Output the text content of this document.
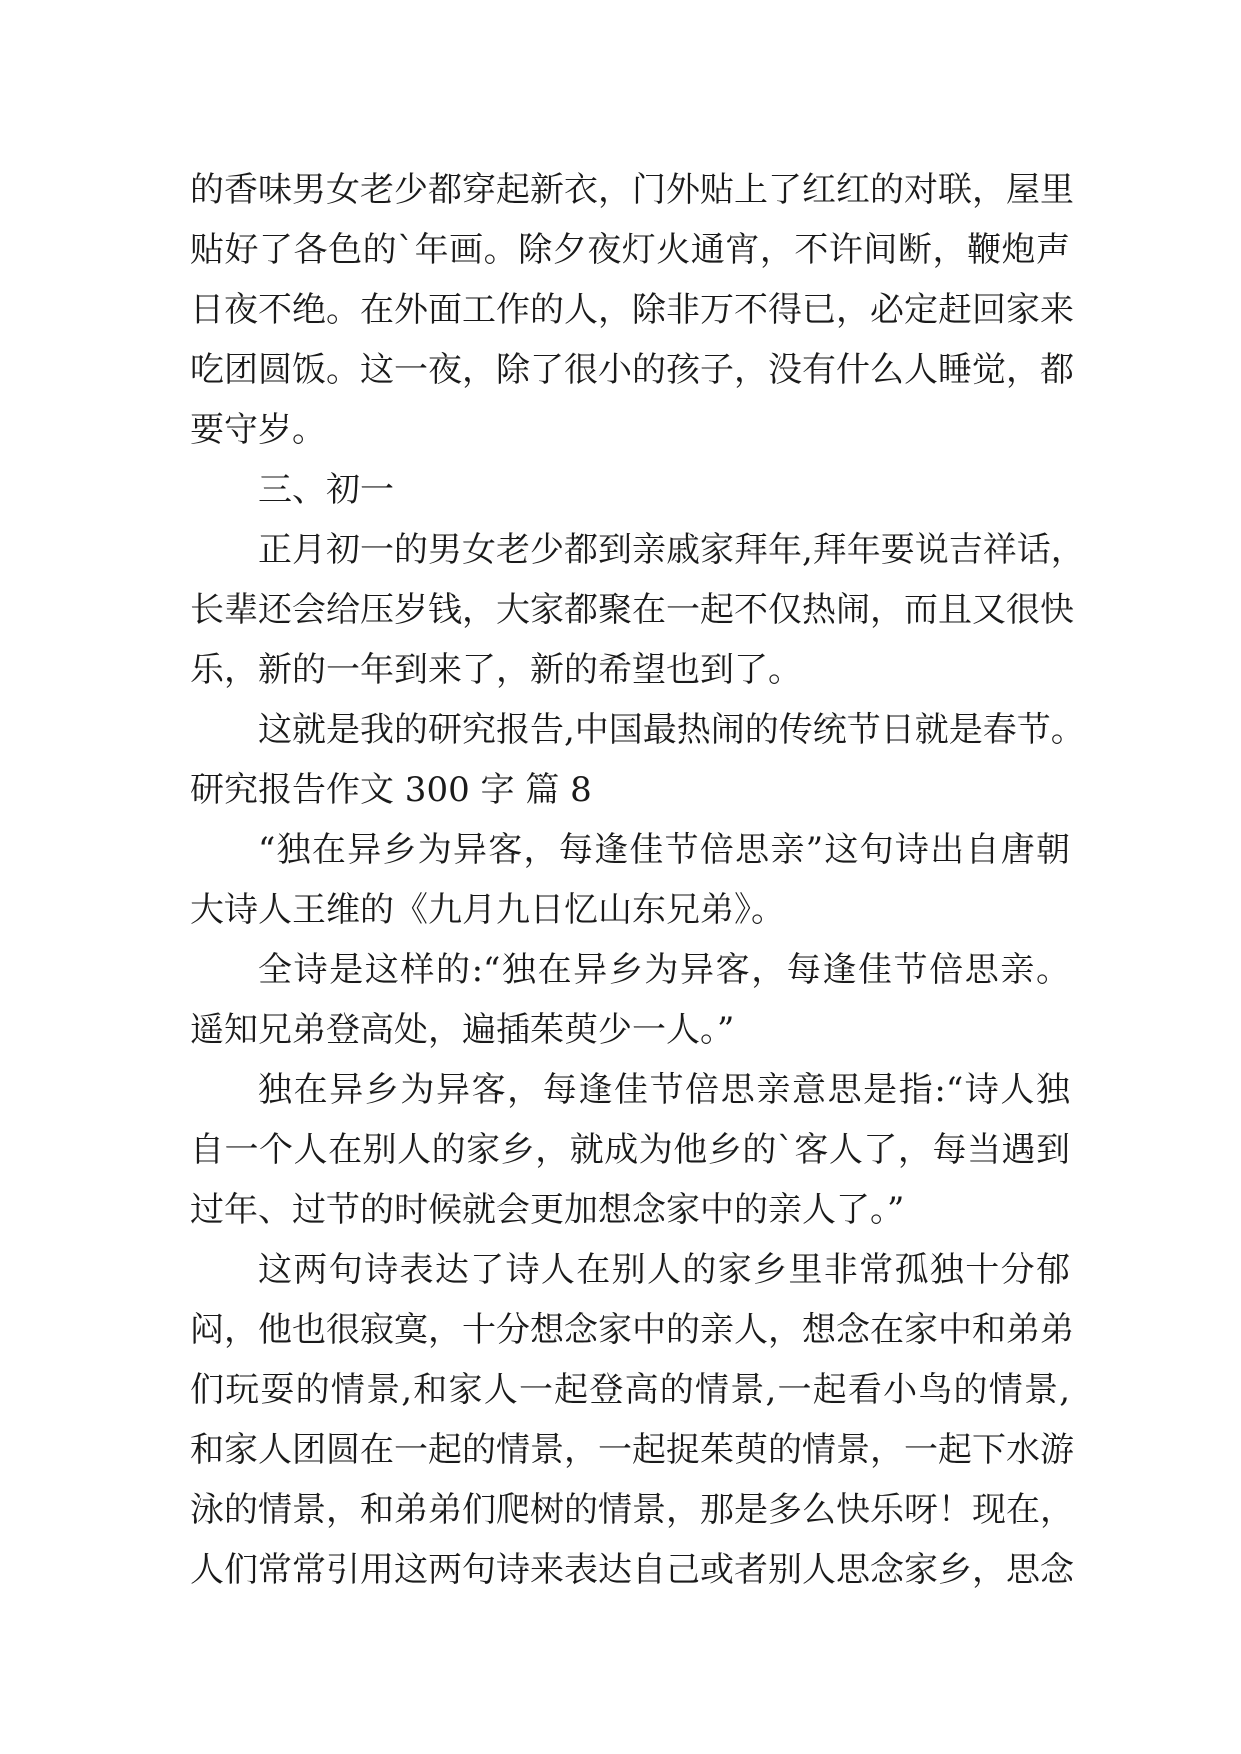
的香味男女老少都穿起新衣，门外贴上了红红的对联，屋里
贴好了各色的`年画。除夕夜灯火通宵，不许间断，鞭炮声
日夜不绝。在外面工作的人，除非万不得已，必定赶回家来
吃团圆饭。这一夜，除了很小的孩子，没有什么人睡觉，都
要守岁。
三、初一
正月初一的男女老少都到亲戚家拜年,拜年要说吉祥话，
长辈还会给压岁钱，大家都聚在一起不仅热闹，而且又很快
乐，新的一年到来了，新的希望也到了。
这就是我的研究报告,中国最热闹的传统节日就是春节。
研究报告作文 300 字 篇 8
“独在异乡为异客，每逢佳节倍思亲”这句诗出自唐朝
大诗人王维的《九月九日忆山东兄弟》。
全诗是这样的:“独在异乡为异客，每逢佳节倍思亲。
遥知兄弟登高处，遍插茱萸少一人。”
独在异乡为异客，每逢佳节倍思亲意思是指:“诗人独
自一个人在别人的家乡，就成为他乡的`客人了，每当遇到
过年、过节的时候就会更加想念家中的亲人了。”
这两句诗表达了诗人在别人的家乡里非常孤独十分郁
闷，他也很寂寞，十分想念家中的亲人，想念在家中和弟弟
们玩耍的情景,和家人一起登高的情景,一起看小鸟的情景,
和家人团圆在一起的情景，一起捉茱萸的情景，一起下水游
泳的情景，和弟弟们爬树的情景，那是多么快乐呀！现在，
人们常常引用这两句诗来表达自己或者别人思念家乡，思念
